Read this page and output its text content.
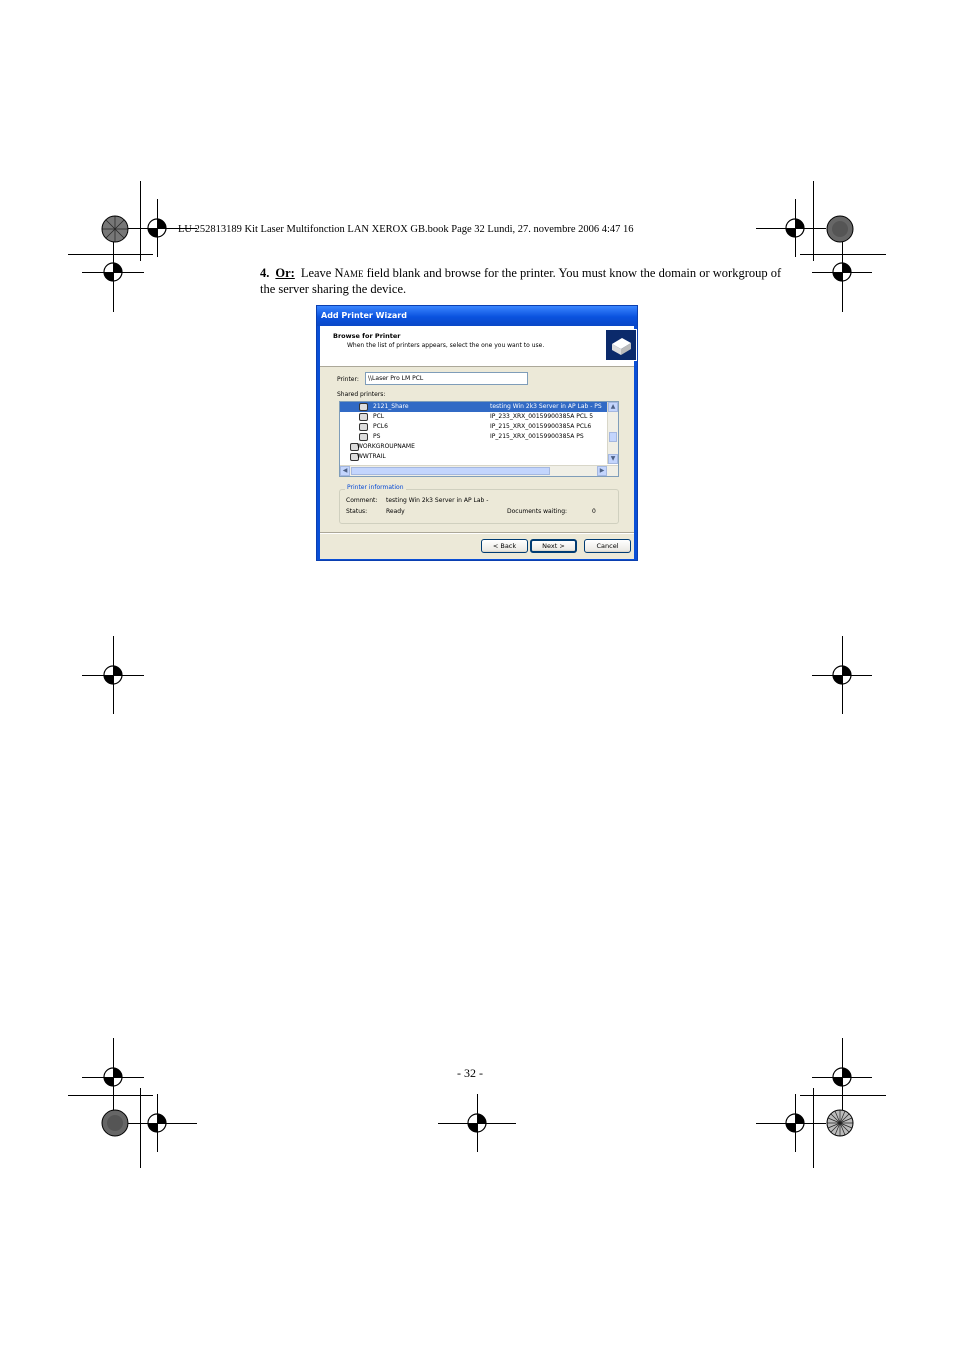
LU 252813189 Kit Laser Multifonction LAN XEROX GB.book Page 32 Lundi, 27. novembre 2006 4:47 16
4. Or: Leave Name field blank and browse for the printer. You must know the domain or workgroup of the server sharing the device.
Add Printer Wizard
Browse for Printer
When the list of printers appears, select the one you want to use.
Printer:	\\Laser Pro LM PCL
Shared printers:
2121_Share	testing Win 2k3 Server in AP Lab - PS
PCL	IP_233_XRX_00159900385A PCL 5
PCL6	IP_215_XRX_00159900385A PCL6
PS	IP_215_XRX_00159900385A PS
WORKGROUPNAME
WWTRAIL
▲
▼
◀	▶
Printer information
Comment: testing Win 2k3 Server in AP Lab -
Status:	Ready	Documents waiting:	0
< Back	Next >	Cancel
- 32 -
